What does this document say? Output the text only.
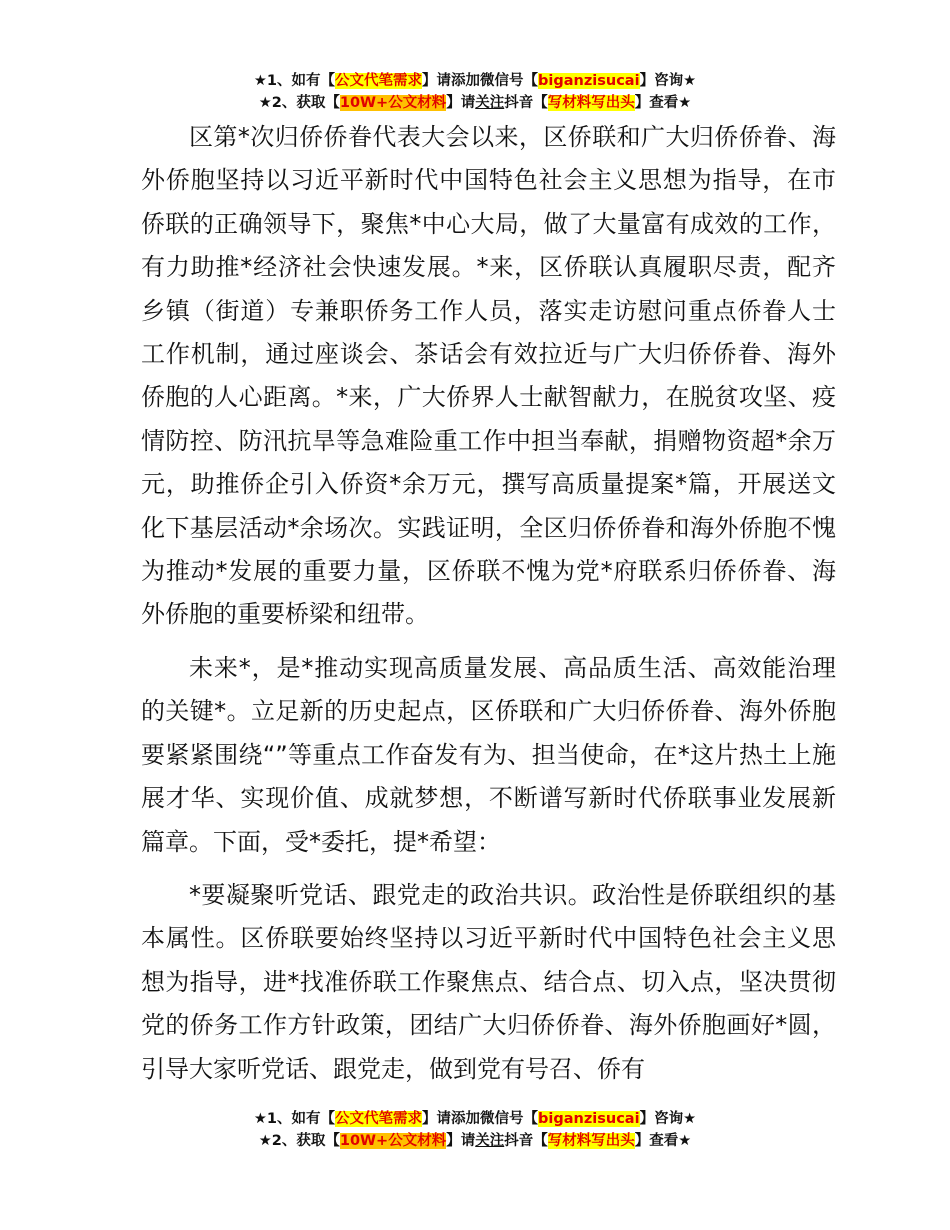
★1、如有【公文代笔需求】请添加微信号【biganzisucai】咨询★
★2、获取【10W+公文材料】请关注抖音【写材料写出头】查看★

区第*次归侨侨眷代表大会以来，区侨联和广大归侨侨眷、海外侨胞坚持以习近平新时代中国特色社会主义思想为指导，在市侨联的正确领导下，聚焦*中心大局，做了大量富有成效的工作，有力助推*经济社会快速发展。*来，区侨联认真履职尽责，配齐乡镇（街道）专兼职侨务工作人员，落实走访慰问重点侨眷人士工作机制，通过座谈会、茶话会有效拉近与广大归侨侨眷、海外侨胞的人心距离。*来，广大侨界人士献智献力，在脱贫攻坚、疫情防控、防汛抗旱等急难险重工作中担当奉献，捐赠物资超*余万元，助推侨企引入侨资*余万元，撰写高质量提案*篇，开展送文化下基层活动*余场次。实践证明，全区归侨侨眷和海外侨胞不愧为推动*发展的重要力量，区侨联不愧为党*府联系归侨侨眷、海外侨胞的重要桥梁和纽带。

未来*，是*推动实现高质量发展、高品质生活、高效能治理的关键*。立足新的历史起点，区侨联和广大归侨侨眷、海外侨胞要紧紧围绕“”等重点工作奋发有为、担当使命，在*这片热土上施展才华、实现价值、成就梦想，不断谱写新时代侨联事业发展新篇章。下面，受*委托，提*希望：

*要凝聚听党话、跟党走的政治共识。政治性是侨联组织的基本属性。区侨联要始终坚持以习近平新时代中国特色社会主义思想为指导，进*找准侨联工作聚焦点、结合点、切入点，坚决贯彻党的侨务工作方针政策，团结广大归侨侨眷、海外侨胞画好*圆，引导大家听党话、跟党走，做到党有号召、侨有

★1、如有【公文代笔需求】请添加微信号【biganzisucai】咨询★
★2、获取【10W+公文材料】请关注抖音【写材料写出头】查看★
